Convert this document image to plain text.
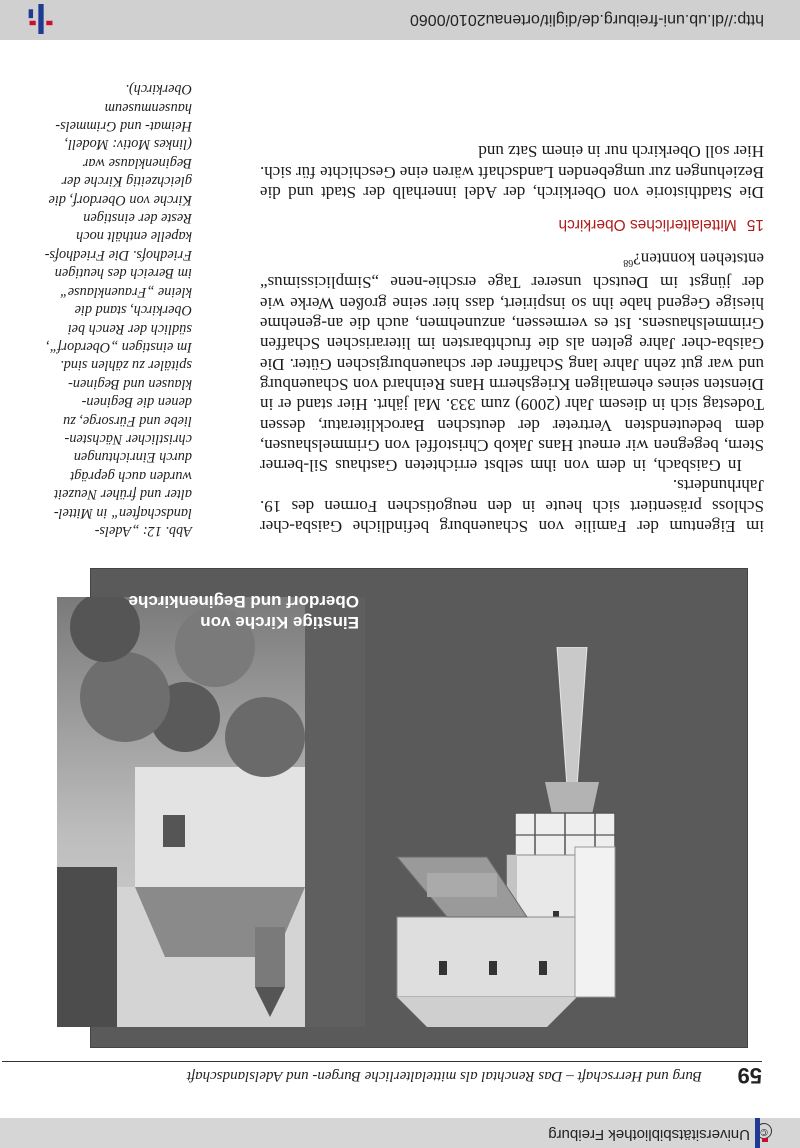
http://dl.ub.uni-freiburg.de/diglit/ortenau2010/0060
©Universitätsbibliothek Freiburg
59
Burg und Herrschaft – Das Renchtal als mittelalterliche Burgen- und Adelslandschaft
Einstige Kirche von
Oberdorf und Beginenkirche

Abb. 12: „Adels-

landschaften“ in Mittel-

alter und früher Neuzeit

wurden auch geprägt

durch Einrichtungen

christlicher Nächsten-

liebe und Fürsorge, zu

denen die Beginen-

klausen und Beginen-

spitäler zu zählen sind.

Im einstigen „Oberdorf“,

südlich der Rench bei

Oberkirch, stand die

kleine „Frauenklause“

im Bereich des heutigen

Friedhofs. Die Friedhofs-

kapelle enthält noch

Reste der einstigen

Kirche von Oberdorf, die

gleichzeitig Kirche der

Beginenklause war

(linkes Motiv: Modell,

Heimat- und Grimmels-

hausenmuseum

Oberkirch).

im Eigentum der Familie von Schauenburg befindliche Gaisba-cher Schloss präsentiert sich heute in den neugotischen Formen des 19. Jahrhunderts.

In Gaisbach, in dem von ihm selbst errichteten Gasthaus Sil-berner Stern, begegnen wir erneut Hans Jakob Christoffel von Grimmelshausen, dem bedeutendsten Vertreter der deutschen Barockliteratur, dessen Todestag sich in diesem Jahr (2009) zum 333. Mal jährt. Hier stand er in Diensten seines ehemaligen Kriegsherrn Hans Reinhard von Schauenburg und war gut zehn Jahre lang Schaffner der schauenburgischen Güter. Die Gaisba-cher Jahre gelten als die fruchtbarsten im literarischen Schaffen Grimmelshausens. Ist es vermessen, anzunehmen, auch die an-genehme hiesige Gegend habe ihn so inspiriert, dass hier seine großen Werke wie der jüngst im Deutsch unserer Tage erschie-nene „Simplicissimus“ entstehen konnten?$^{68}$

15Mittelalterliches Oberkirch

Die Stadthistorie von Oberkirch, der Adel innerhalb der Stadt und die Beziehungen zur umgebenden Landschaft wären eine Geschichte für sich. Hier soll Oberkirch nur in einem Satz und
